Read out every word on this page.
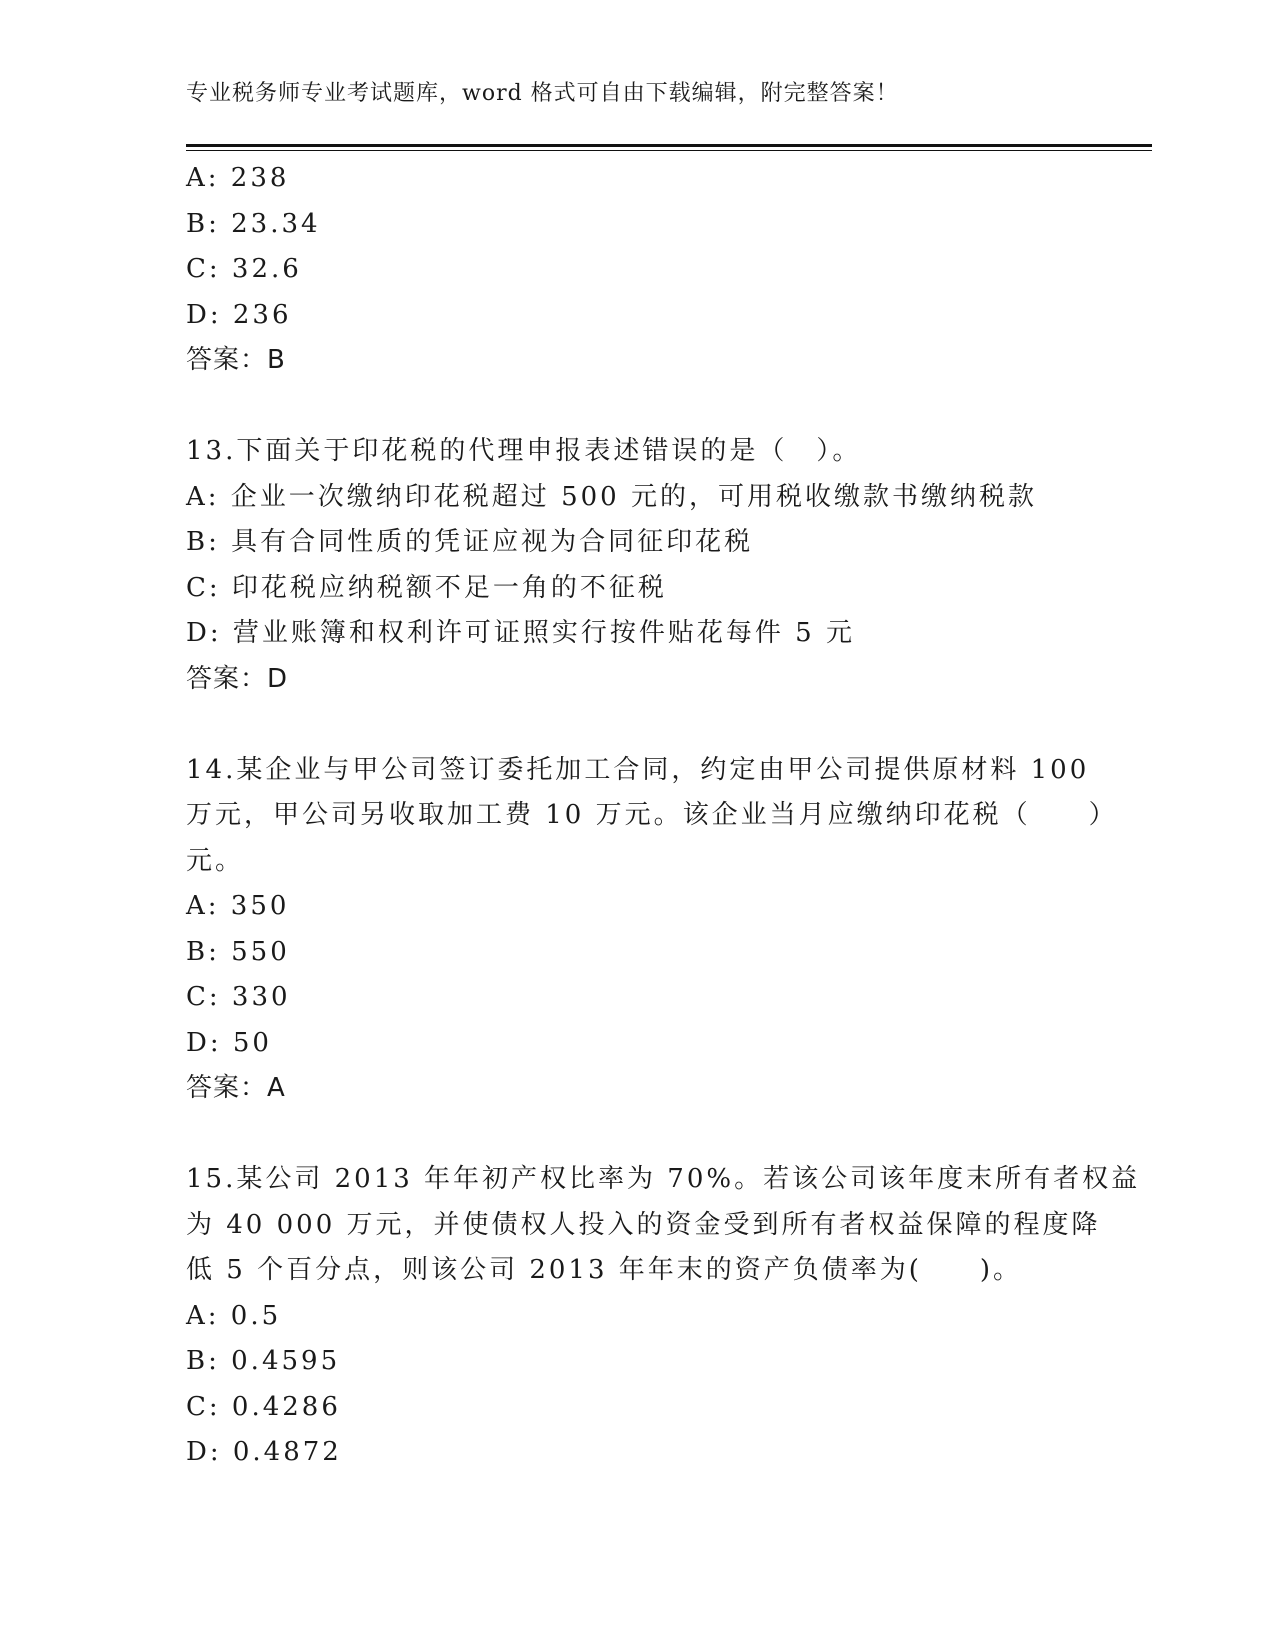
专业税务师专业考试题库，word 格式可自由下载编辑，附完整答案！
A: 238
B: 23.34
C: 32.6
D: 236
答案：B
13.下面关于印花税的代理申报表述错误的是（　）。
A: 企业一次缴纳印花税超过 500 元的，可用税收缴款书缴纳税款
B: 具有合同性质的凭证应视为合同征印花税
C: 印花税应纳税额不足一角的不征税
D: 营业账簿和权利许可证照实行按件贴花每件 5 元
答案：D
14.某企业与甲公司签订委托加工合同，约定由甲公司提供原材料 100
万元，甲公司另收取加工费 10 万元。该企业当月应缴纳印花税（　　）
元。
A: 350
B: 550
C: 330
D: 50
答案：A
15.某公司 2013 年年初产权比率为 70%。若该公司该年度末所有者权益
为 40 000 万元，并使债权人投入的资金受到所有者权益保障的程度降
低 5 个百分点，则该公司 2013 年年末的资产负债率为(　　)。
A: 0.5
B: 0.4595
C: 0.4286
D: 0.4872
